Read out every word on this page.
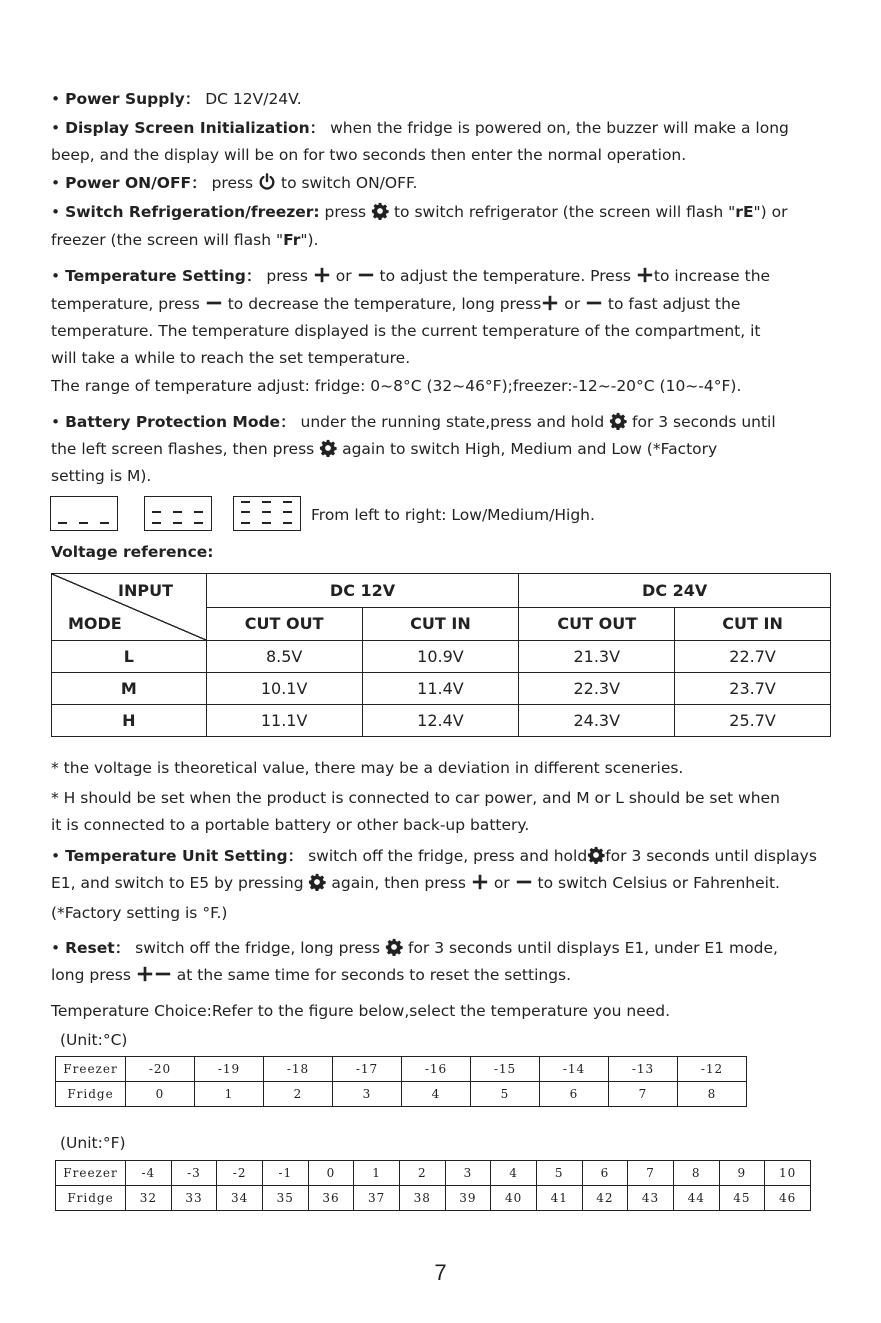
• Power Supply： DC 12V/24V.
• Display Screen Initialization： when the fridge is powered on, the buzzer will make a long
beep, and the display will be on for two seconds then enter the normal operation.
• Power ON/OFF： press  to switch ON/OFF.
• Switch Refrigeration/freezer: press  to switch refrigerator (the screen will flash "rE") or
freezer (the screen will flash "Fr").
• Temperature Setting： press  or  to adjust the temperature. Press to increase the
temperature, press  to decrease the temperature, long press or  to fast adjust the
temperature. The temperature displayed is the current temperature of the compartment, it
will take a while to reach the set temperature.
The range of temperature adjust: fridge: 0~8°C (32~46°F);freezer:-12~-20°C (10~-4°F).
• Battery Protection Mode： under the running state,press and hold  for 3 seconds until
the left screen flashes, then press  again to switch High, Medium and Low (*Factory
setting is M).
From left to right: Low/Medium/High.
Voltage reference:
INPUT
MODE	DC 12V		DC 24V	
	CUT OUT	CUT IN	CUT OUT	CUT IN
L	8.5V	10.9V	21.3V	22.7V
M	10.1V	11.4V	22.3V	23.7V
H	11.1V	12.4V	24.3V	25.7V
* the voltage is theoretical value, there may be a deviation in different sceneries.
* H should be set when the product is connected to car power, and M or L should be set when
it is connected to a portable battery or other back-up battery.
• Temperature Unit Setting： switch off the fridge, press and hold for 3 seconds until displays
E1, and switch to E5 by pressing  again, then press  or  to switch Celsius or Fahrenheit.
(*Factory setting is °F.)
• Reset： switch off the fridge, long press  for 3 seconds until displays E1, under E1 mode,
long press  at the same time for seconds to reset the settings.
Temperature Choice:Refer to the figure below,select the temperature you need.
(Unit:°C)
Freezer	-20	-19	-18	-17	-16	-15	-14	-13	-12
Fridge	0	1	2	3	4	5	6	7	8
(Unit:°F)
Freezer	-4	-3	-2	-1	0	1	2	3	4	5	6	7	8	9	10
Fridge	32	33	34	35	36	37	38	39	40	41	42	43	44	45	46
7
